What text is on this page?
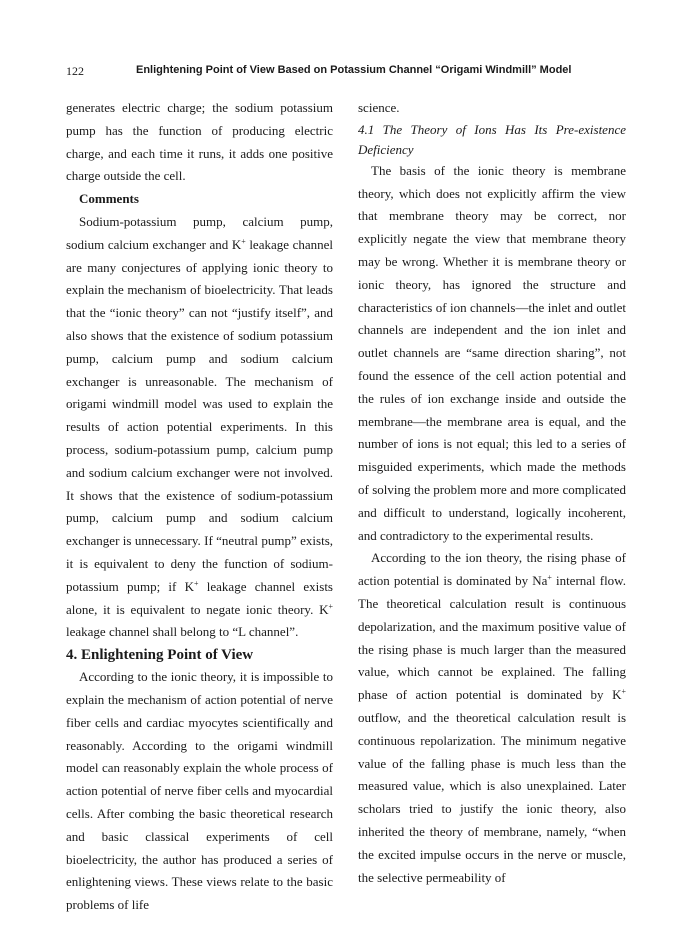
122	Enlightening Point of View Based on Potassium Channel “Origami Windmill” Model

generates electric charge; the sodium potassium pump has the function of producing electric charge, and each time it runs, it adds one positive charge outside the cell.

Comments

Sodium-potassium pump, calcium pump, sodium calcium exchanger and K+ leakage channel are many conjectures of applying ionic theory to explain the mechanism of bioelectricity. That leads that the “ionic theory” can not “justify itself”, and also shows that the existence of sodium potassium pump, calcium pump and sodium calcium exchanger is unreasonable. The mechanism of origami windmill model was used to explain the results of action potential experiments. In this process, sodium-potassium pump, calcium pump and sodium calcium exchanger were not involved. It shows that the existence of sodium-potassium pump, calcium pump and sodium calcium exchanger is unnecessary. If “neutral pump” exists, it is equivalent to deny the function of sodium-potassium pump; if K+ leakage channel exists alone, it is equivalent to negate ionic theory. K+ leakage channel shall belong to “L channel”.

4. Enlightening Point of View

According to the ionic theory, it is impossible to explain the mechanism of action potential of nerve fiber cells and cardiac myocytes scientifically and reasonably. According to the origami windmill model can reasonably explain the whole process of action potential of nerve fiber cells and myocardial cells. After combing the basic theoretical research and basic classical experiments of cell bioelectricity, the author has produced a series of enlightening views. These views relate to the basic problems of life

science.

4.1 The Theory of Ions Has Its Pre-existence Deficiency

The basis of the ionic theory is membrane theory, which does not explicitly affirm the view that membrane theory may be correct, nor explicitly negate the view that membrane theory may be wrong. Whether it is membrane theory or ionic theory, has ignored the structure and characteristics of ion channels—the inlet and outlet channels are independent and the ion inlet and outlet channels are “same direction sharing”, not found the essence of the cell action potential and the rules of ion exchange inside and outside the membrane—the membrane area is equal, and the number of ions is not equal; this led to a series of misguided experiments, which made the methods of solving the problem more and more complicated and difficult to understand, logically incoherent, and contradictory to the experimental results.

According to the ion theory, the rising phase of action potential is dominated by Na+ internal flow. The theoretical calculation result is continuous depolarization, and the maximum positive value of the rising phase is much larger than the measured value, which cannot be explained. The falling phase of action potential is dominated by K+ outflow, and the theoretical calculation result is continuous repolarization. The minimum negative value of the falling phase is much less than the measured value, which is also unexplained. Later scholars tried to justify the ionic theory, also inherited the theory of membrane, namely, “when the excited impulse occurs in the nerve or muscle, the selective permeability of
